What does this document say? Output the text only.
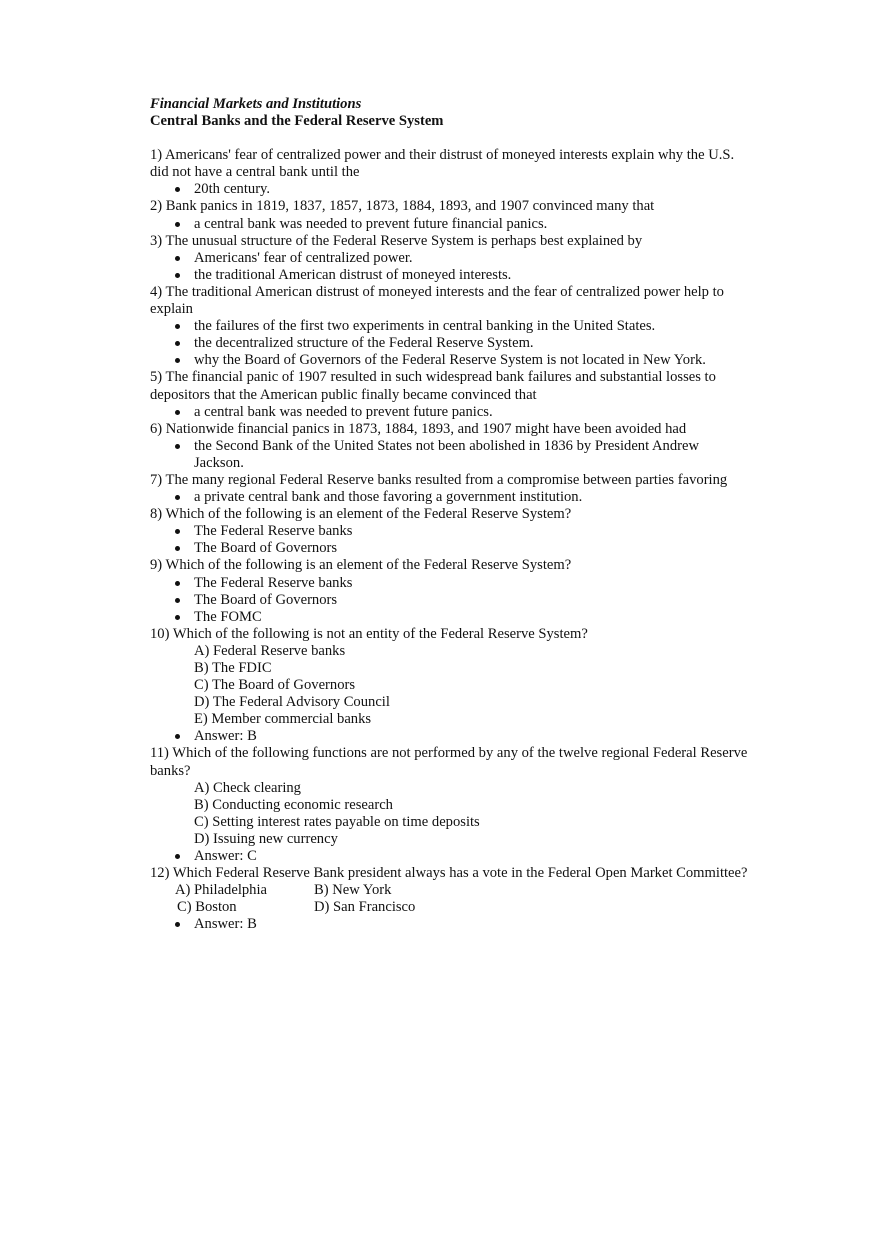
Financial Markets and Institutions

Central Banks and the Federal Reserve System

1) Americans' fear of centralized power and their distrust of moneyed interests explain why the U.S. did not have a central bank until the

20th century.

2) Bank panics in 1819, 1837, 1857, 1873, 1884, 1893, and 1907 convinced many that

a central bank was needed to prevent future financial panics.

3) The unusual structure of the Federal Reserve System is perhaps best explained by

Americans' fear of centralized power.

the traditional American distrust of moneyed interests.

4) The traditional American distrust of moneyed interests and the fear of centralized power help to explain

the failures of the first two experiments in central banking in the United States.

the decentralized structure of the Federal Reserve System.

why the Board of Governors of the Federal Reserve System is not located in New York.

5) The financial panic of 1907 resulted in such widespread bank failures and substantial losses to depositors that the American public finally became convinced that

a central bank was needed to prevent future panics.

6) Nationwide financial panics in 1873, 1884, 1893, and 1907 might have been avoided had

the Second Bank of the United States not been abolished in 1836 by President Andrew Jackson.

7) The many regional Federal Reserve banks resulted from a compromise between parties favoring

a private central bank and those favoring a government institution.

8) Which of the following is an element of the Federal Reserve System?

The Federal Reserve banks

The Board of Governors

9) Which of the following is an element of the Federal Reserve System?

The Federal Reserve banks

The Board of Governors

The FOMC

10) Which of the following is not an entity of the Federal Reserve System?

A) Federal Reserve banks

B) The FDIC

C) The Board of Governors

D) The Federal Advisory Council

E) Member commercial banks

Answer: B

11) Which of the following functions are not performed by any of the twelve regional Federal Reserve banks?

A) Check clearing

B) Conducting economic research

C) Setting interest rates payable on time deposits

D) Issuing new currency

Answer: C

12) Which Federal Reserve Bank president always has a vote in the Federal Open Market Committee?

A) Philadelphia	B) New York
C) Boston	D) San Francisco

Answer: B
